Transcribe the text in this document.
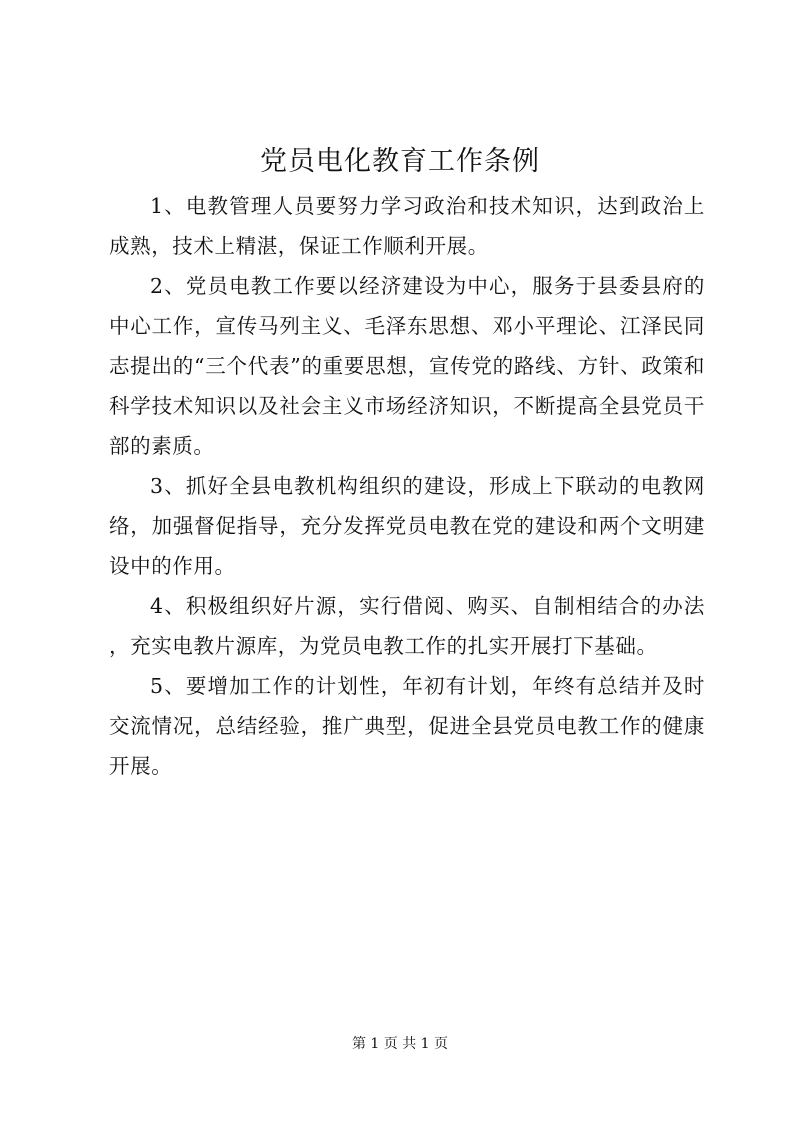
党员电化教育工作条例

1、电教管理人员要努力学习政治和技术知识，达到政治上成熟，技术上精湛，保证工作顺利开展。

2、党员电教工作要以经济建设为中心，服务于县委县府的中心工作，宣传马列主义、毛泽东思想、邓小平理论、江泽民同志提出的“三个代表”的重要思想，宣传党的路线、方针、政策和科学技术知识以及社会主义市场经济知识，不断提高全县党员干部的素质。

3、抓好全县电教机构组织的建设，形成上下联动的电教网络，加强督促指导，充分发挥党员电教在党的建设和两个文明建设中的作用。

4、积极组织好片源，实行借阅、购买、自制相结合的办法，充实电教片源库，为党员电教工作的扎实开展打下基础。

5、要增加工作的计划性，年初有计划，年终有总结并及时交流情况，总结经验，推广典型，促进全县党员电教工作的健康开展。

第 1 页 共 1 页
